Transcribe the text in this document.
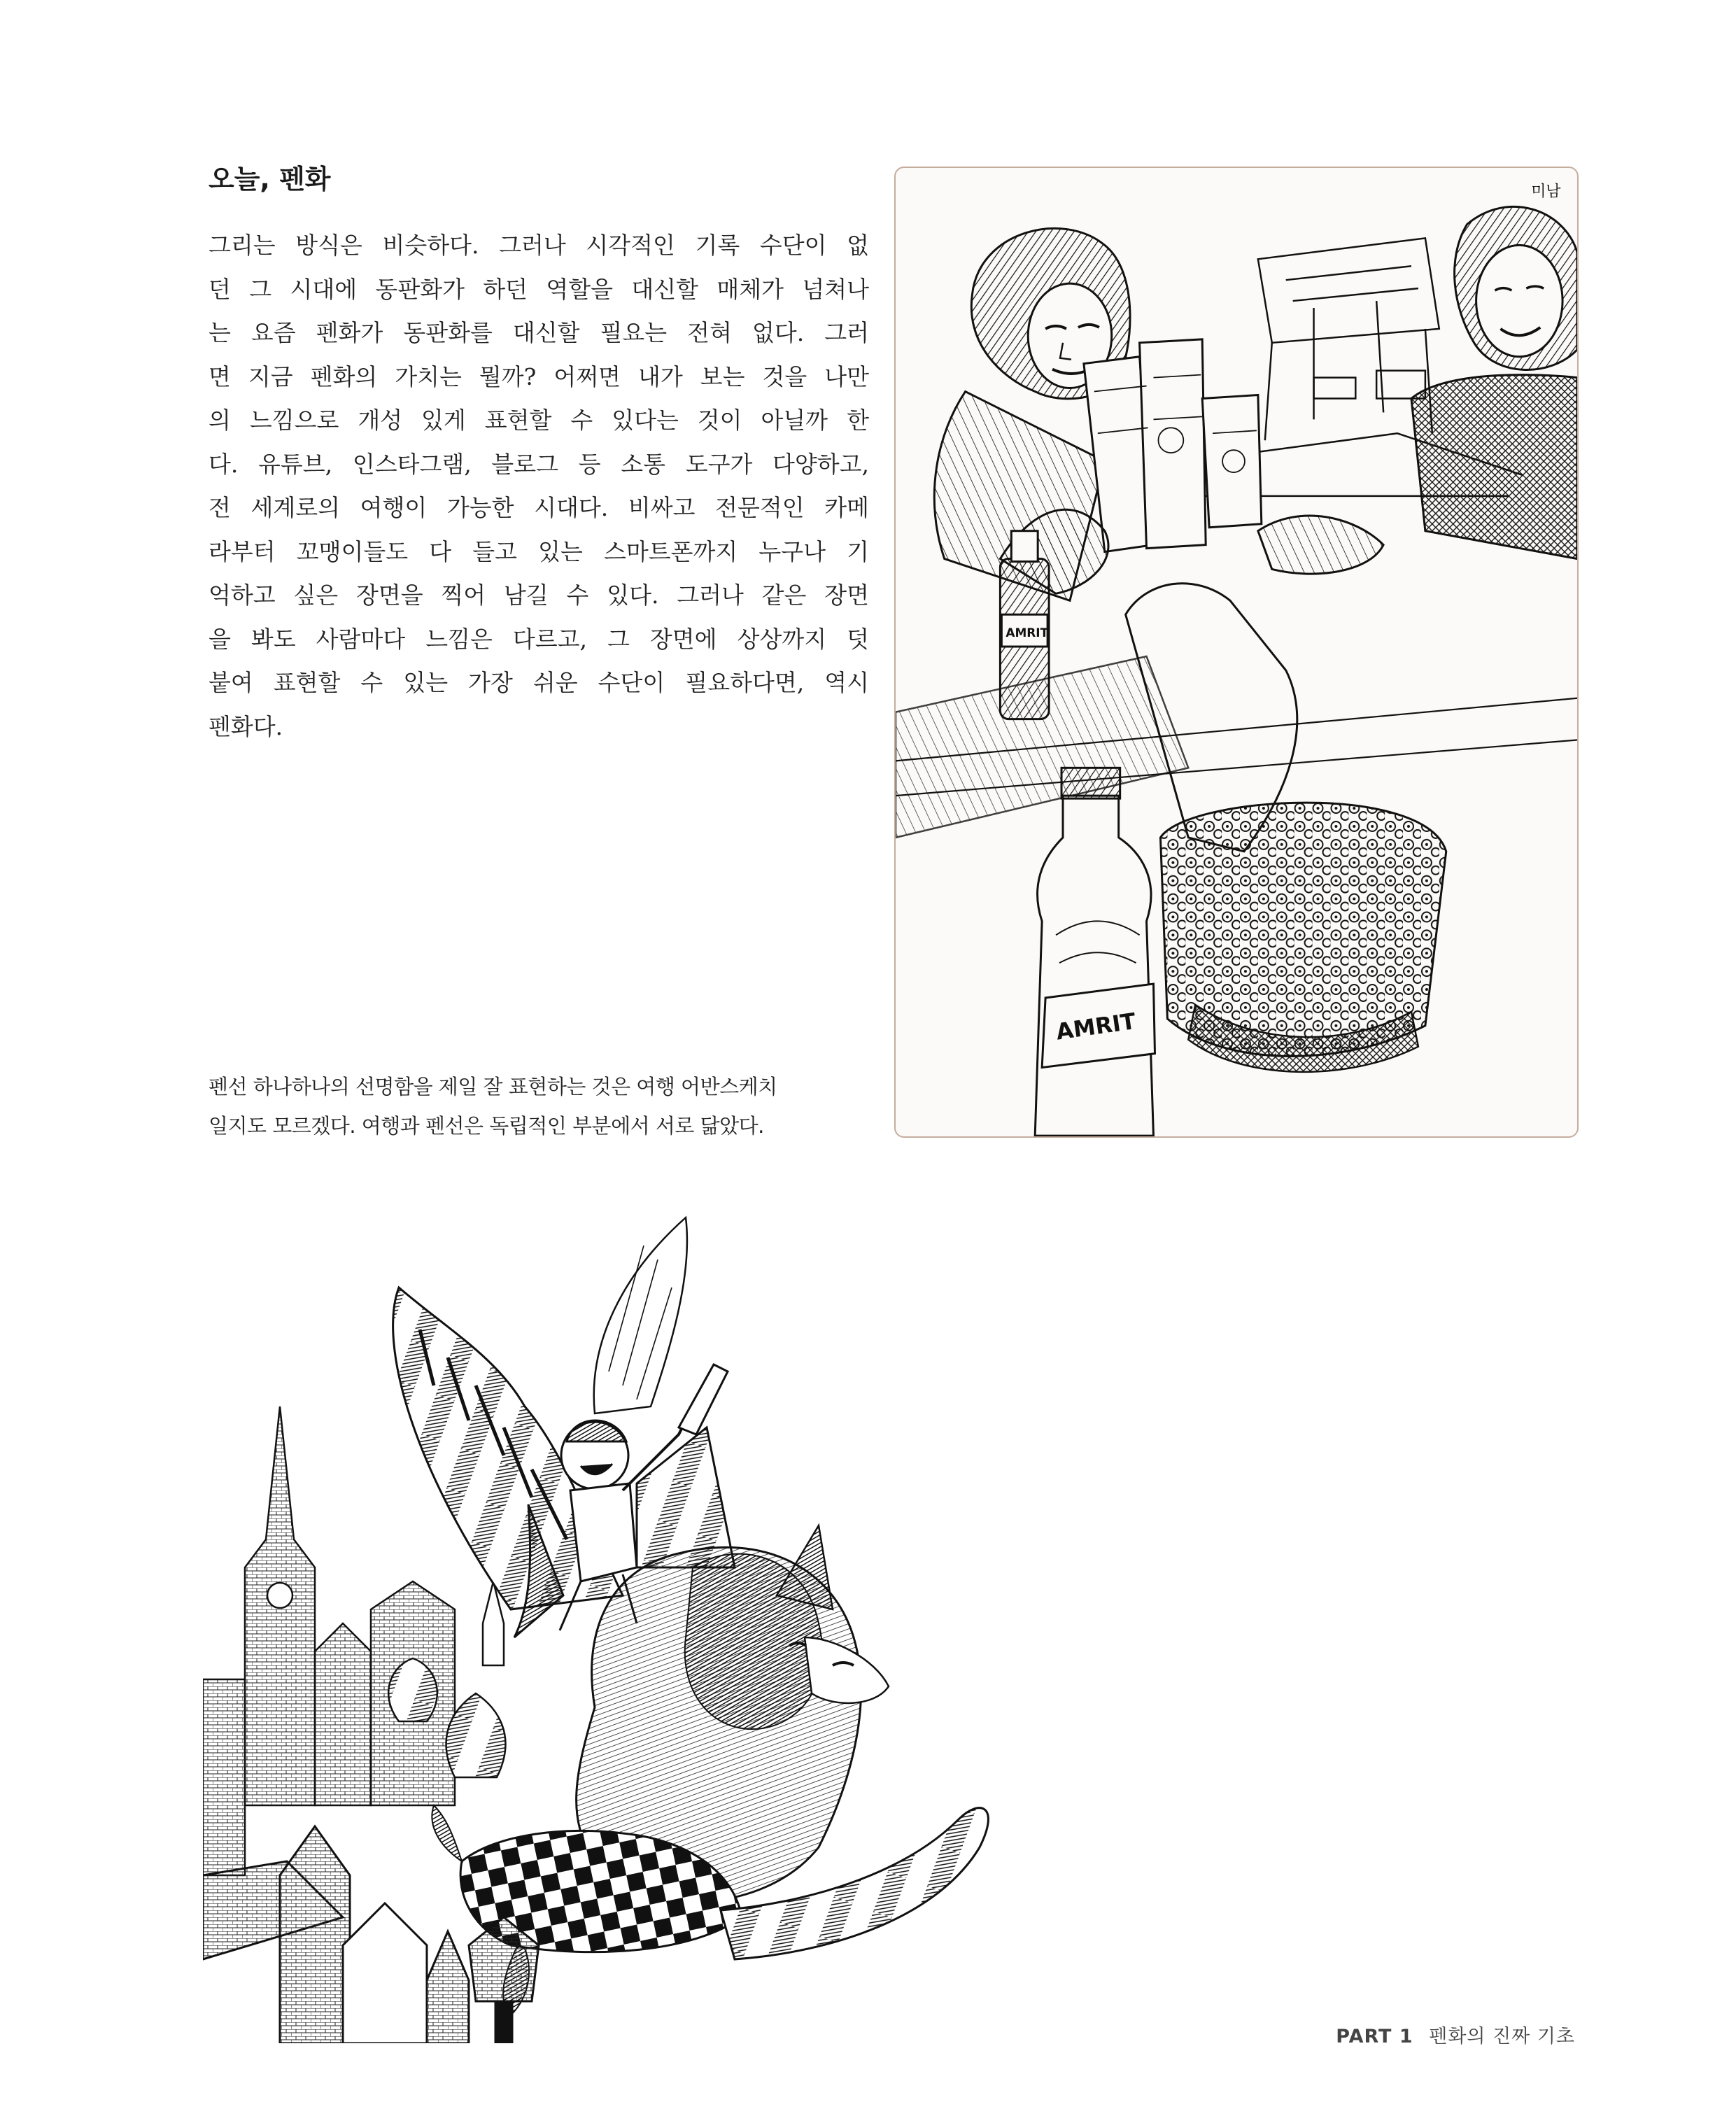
오늘, 펜화
그리는 방식은 비슷하다. 그러나 시각적인 기록 수단이 없
던 그 시대에 동판화가 하던 역할을 대신할 매체가 넘쳐나
는 요즘 펜화가 동판화를 대신할 필요는 전혀 없다. 그러
면 지금 펜화의 가치는 뭘까? 어쩌면 내가 보는 것을 나만
의 느낌으로 개성 있게 표현할 수 있다는 것이 아닐까 한
다. 유튜브, 인스타그램, 블로그 등 소통 도구가 다양하고,
전 세계로의 여행이 가능한 시대다. 비싸고 전문적인 카메
라부터 꼬맹이들도 다 들고 있는 스마트폰까지 누구나 기
억하고 싶은 장면을 찍어 남길 수 있다. 그러나 같은 장면
을 봐도 사람마다 느낌은 다르고, 그 장면에 상상까지 덧
붙여 표현할 수 있는 가장 쉬운 수단이 필요하다면, 역시
펜화다.
펜선 하나하나의 선명함을 제일 잘 표현하는 것은 여행 어반스케치
일지도 모르겠다. 여행과 펜선은 독립적인 부분에서 서로 닮았다.
미남
AMRIT
AMRIT
PART 1 펜화의 진짜 기초
